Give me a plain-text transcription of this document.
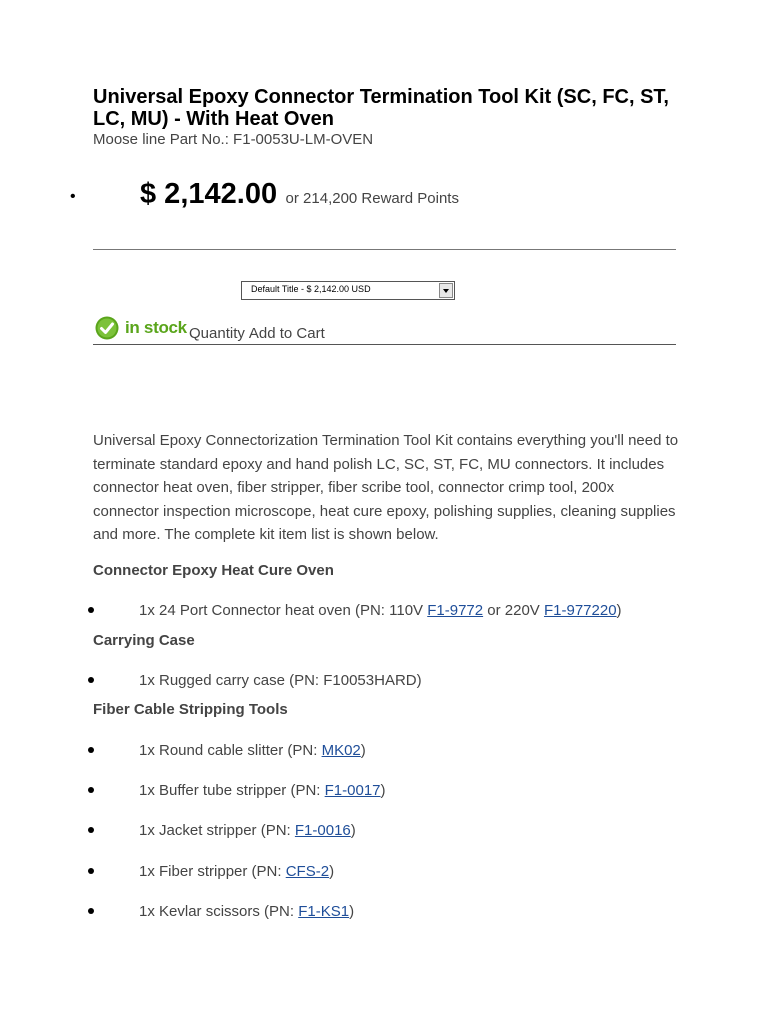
Universal Epoxy Connector Termination Tool Kit (SC, FC, ST, LC, MU) - With Heat Oven
Moose line Part No.: F1-0053U-LM-OVEN
• $ 2,142.00 or 214,200 Reward Points
Default Title - $ 2,142.00 USD
in stock Quantity Add to Cart
Universal Epoxy Connectorization Termination Tool Kit contains everything you'll need to terminate standard epoxy and hand polish LC, SC, ST, FC, MU connectors. It includes connector heat oven, fiber stripper, fiber scribe tool, connector crimp tool, 200x connector inspection microscope, heat cure epoxy, polishing supplies, cleaning supplies and more. The complete kit item list is shown below.
Connector Epoxy Heat Cure Oven
1x 24 Port Connector heat oven (PN: 110V F1-9772 or 220V F1-977220)
Carrying Case
1x Rugged carry case (PN: F10053HARD)
Fiber Cable Stripping Tools
1x Round cable slitter (PN: MK02)
1x Buffer tube stripper (PN: F1-0017)
1x Jacket stripper (PN: F1-0016)
1x Fiber stripper (PN: CFS-2)
1x Kevlar scissors (PN: F1-KS1)
